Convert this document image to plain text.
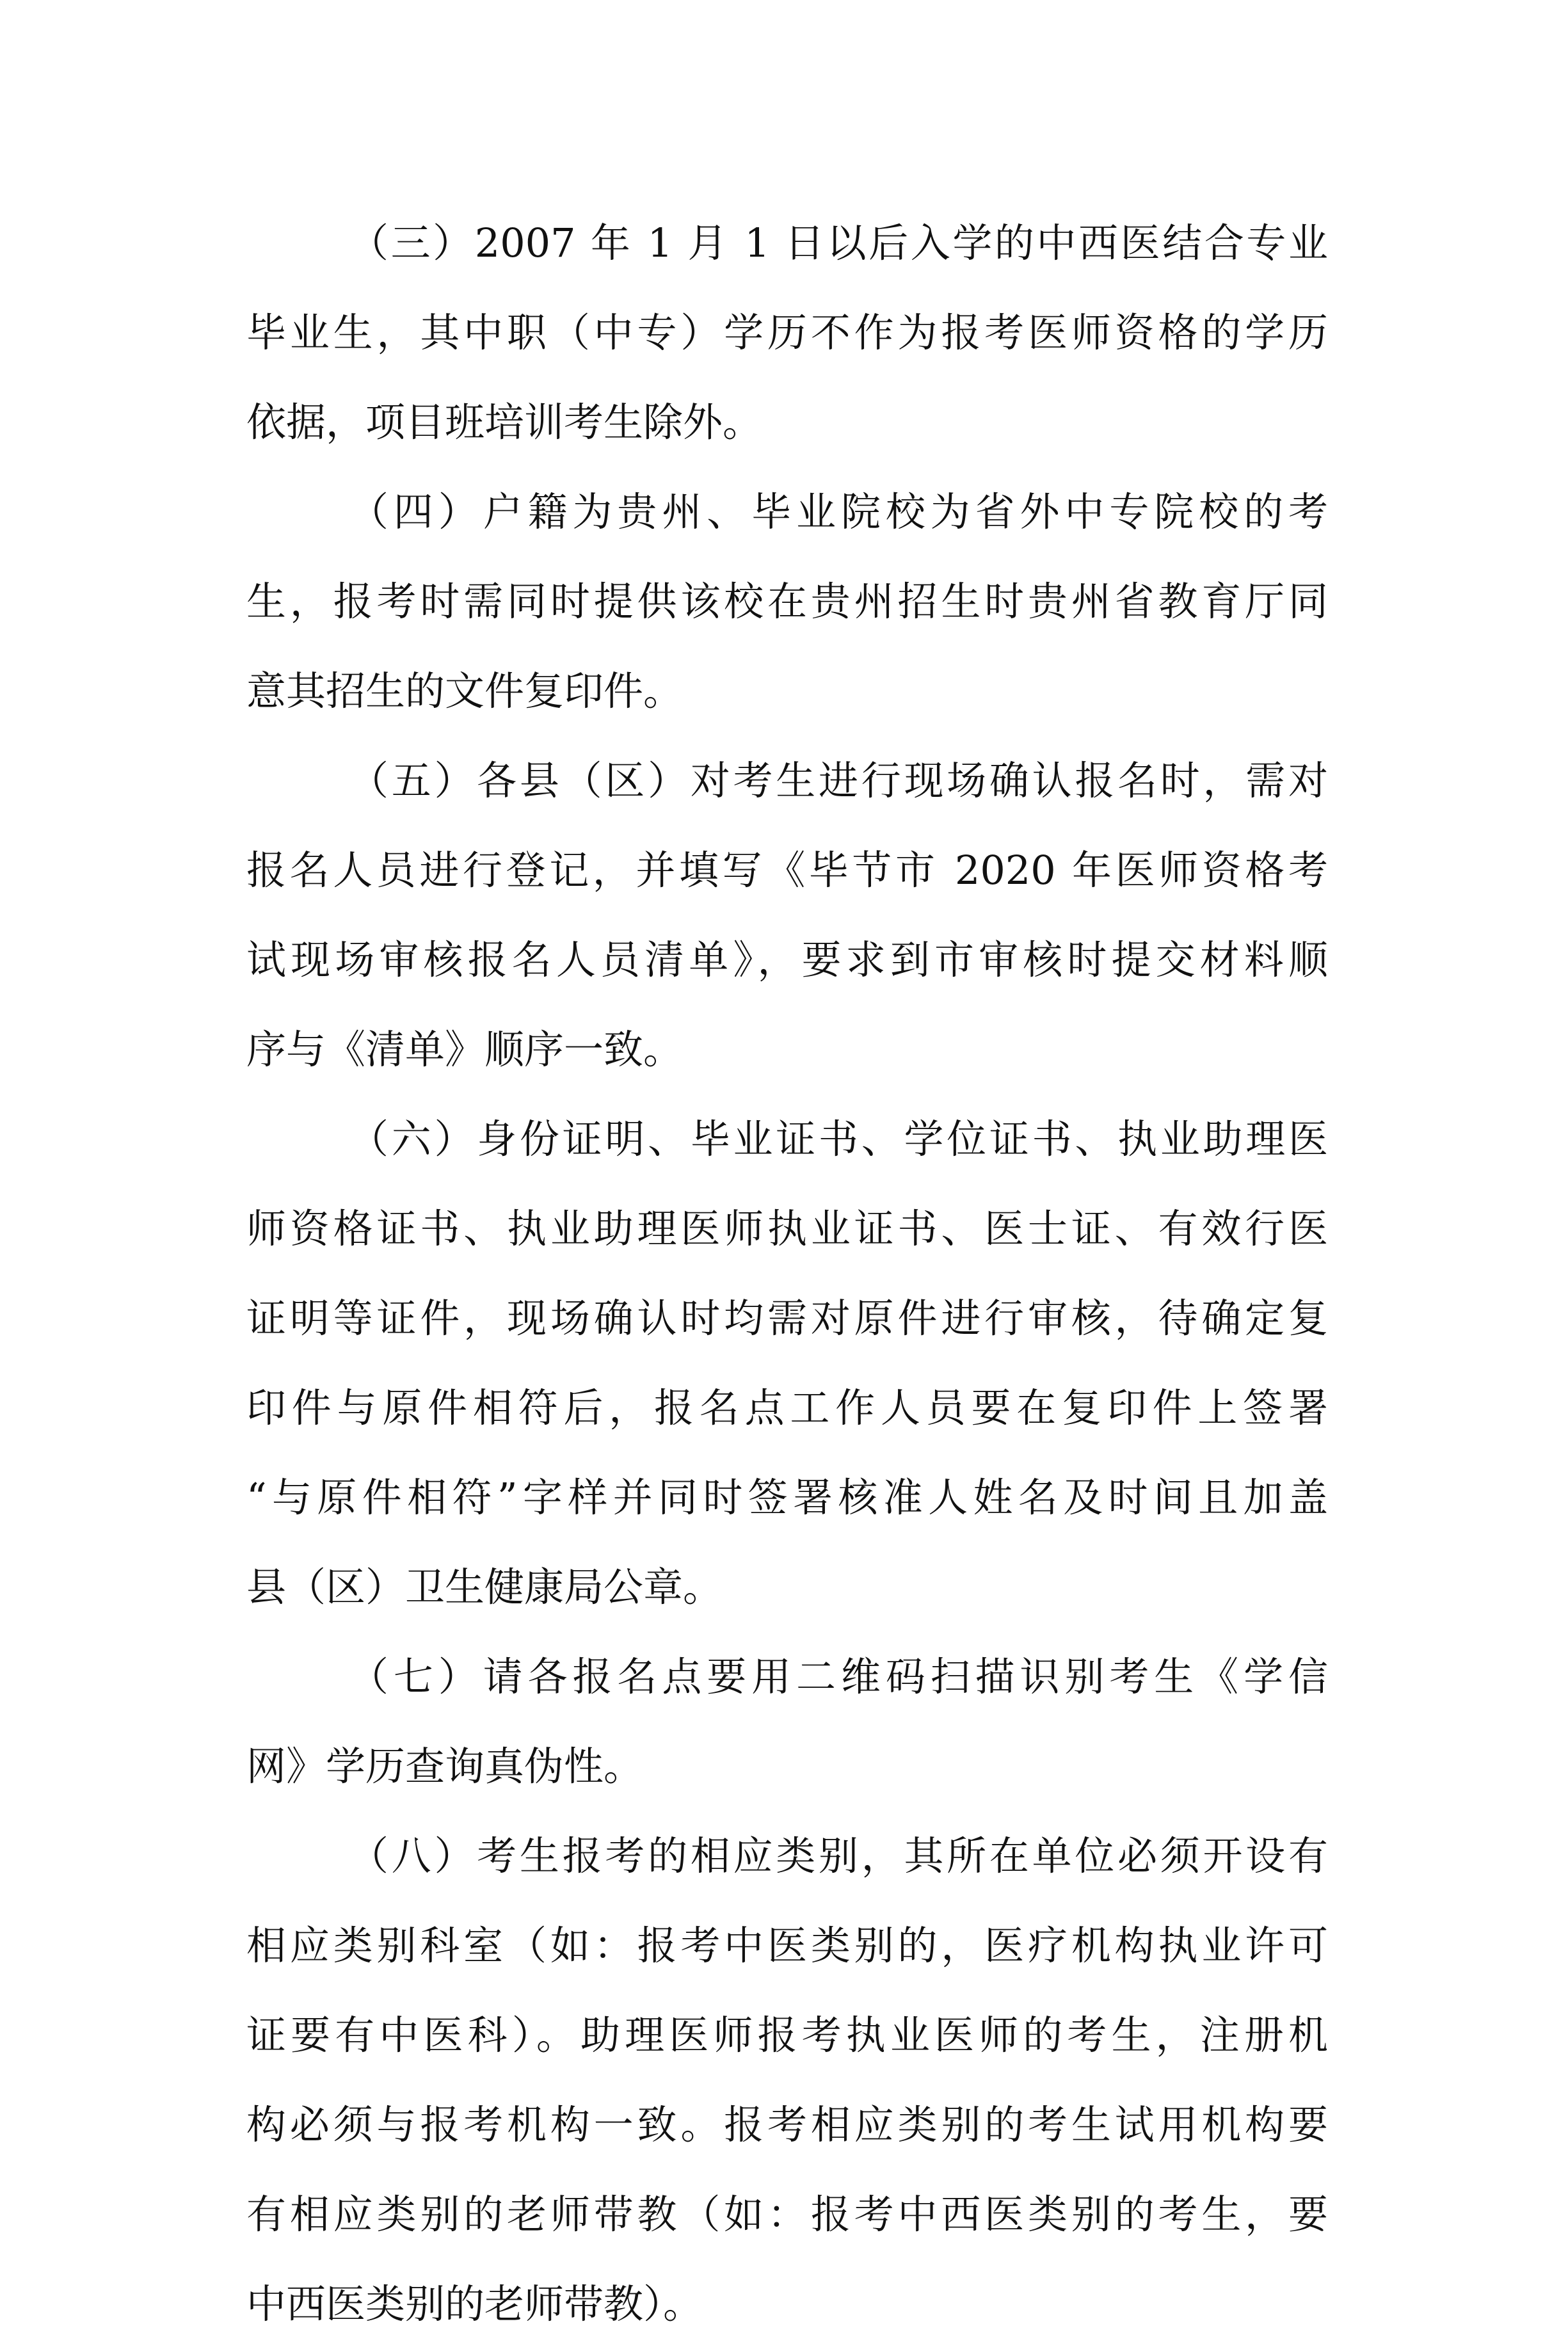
（三）2007 年 1 月 1 日以后入学的中西医结合专业
毕业生，其中职（中专）学历不作为报考医师资格的学历
依据，项目班培训考生除外。
（四）户籍为贵州、毕业院校为省外中专院校的考
生，报考时需同时提供该校在贵州招生时贵州省教育厅同
意其招生的文件复印件。
（五）各县（区）对考生进行现场确认报名时，需对
报名人员进行登记，并填写《毕节市 2020 年医师资格考
试现场审核报名人员清单》，要求到市审核时提交材料顺
序与《清单》顺序一致。
（六）身份证明、毕业证书、学位证书、执业助理医
师资格证书、执业助理医师执业证书、医士证、有效行医
证明等证件，现场确认时均需对原件进行审核，待确定复
印件与原件相符后，报名点工作人员要在复印件上签署
“与原件相符”字样并同时签署核准人姓名及时间且加盖
县（区）卫生健康局公章。
（七）请各报名点要用二维码扫描识别考生《学信
网》学历查询真伪性。
（八）考生报考的相应类别，其所在单位必须开设有
相应类别科室（如：报考中医类别的，医疗机构执业许可
证要有中医科）。助理医师报考执业医师的考生，注册机
构必须与报考机构一致。报考相应类别的考生试用机构要
有相应类别的老师带教（如：报考中西医类别的考生，要
中西医类别的老师带教）。
